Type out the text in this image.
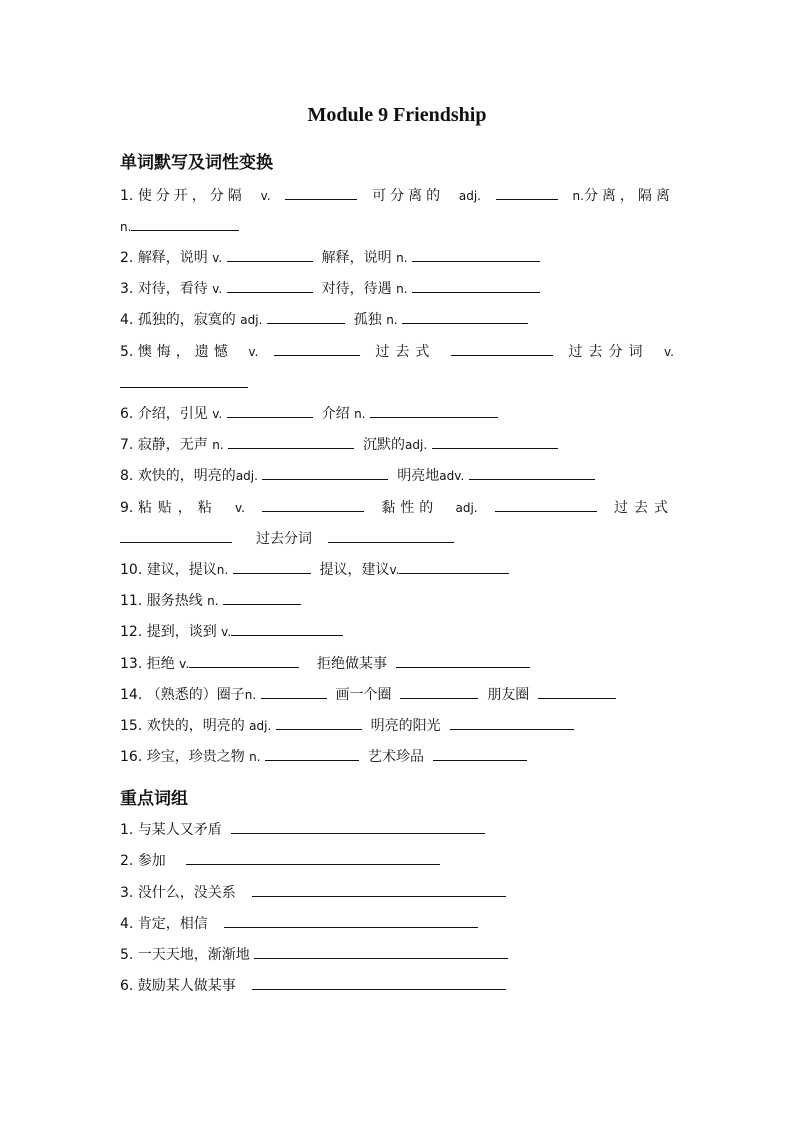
Module 9 Friendship
单词默写及词性变换
1. 使分开，分隔 v.	可分离的 adj.	n.分离，隔离
n.
2. 解释，说明 v.	解释，说明 n.
3. 对待，看待 v.	对待，待遇 n.
4. 孤独的，寂寞的 adj.	孤独 n.
5. 懊悔，遗憾 v.	过去式	过去分词 v.
6. 介绍，引见 v.	介绍 n.
7. 寂静，无声 n.	沉默的adj.
8. 欢快的，明亮的adj.	明亮地adv.
9. 粘贴，粘 v.	黏性的 adj.	过去式
过去分词
10. 建议，提议n.	提议，建议v.
11. 服务热线 n.
12. 提到，谈到 v.
13. 拒绝 v.	拒绝做某事
14. （熟悉的）圈子n.	画一个圈	朋友圈
15. 欢快的，明亮的 adj.	明亮的阳光
16. 珍宝，珍贵之物 n.	艺术珍品
重点词组
1. 与某人又矛盾
2. 参加
3. 没什么，没关系
4. 肯定，相信
5. 一天天地，渐渐地
6. 鼓励某人做某事
